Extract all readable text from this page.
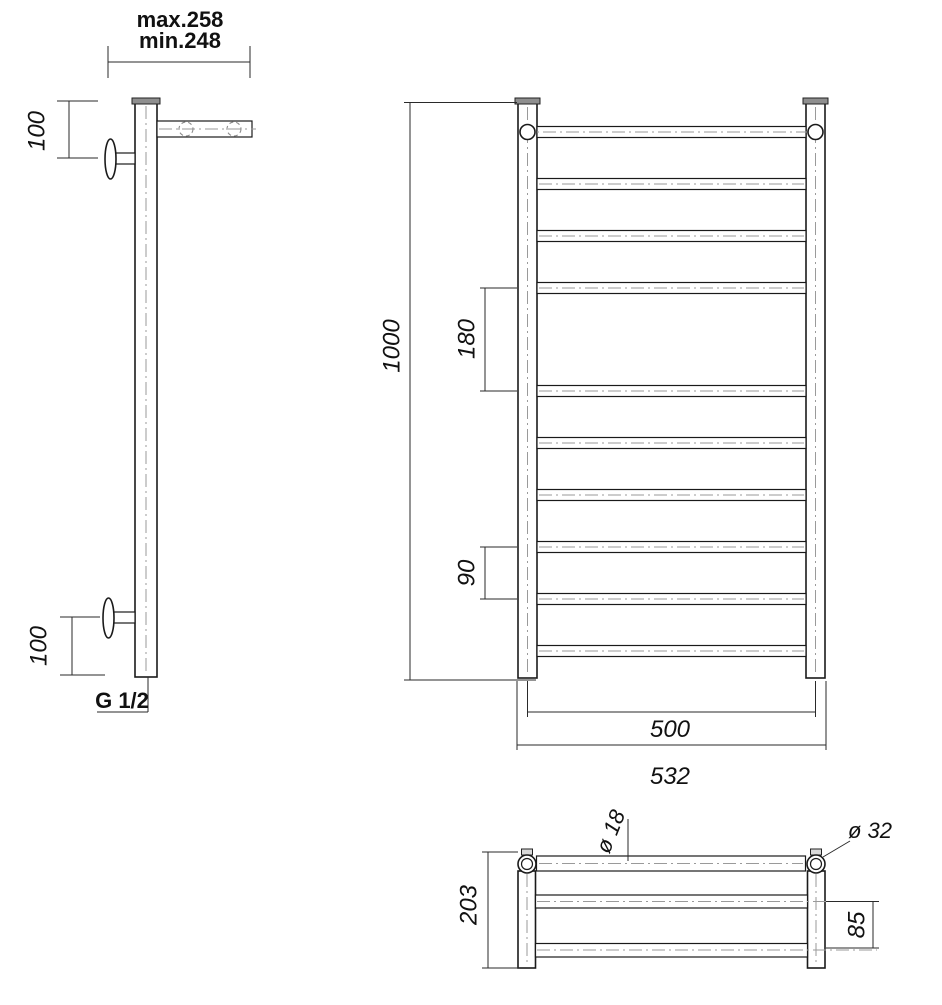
max.258
min.248
100
100
G 1/2
1000 180
90
500
532
203	85
ø 18	ø 32
